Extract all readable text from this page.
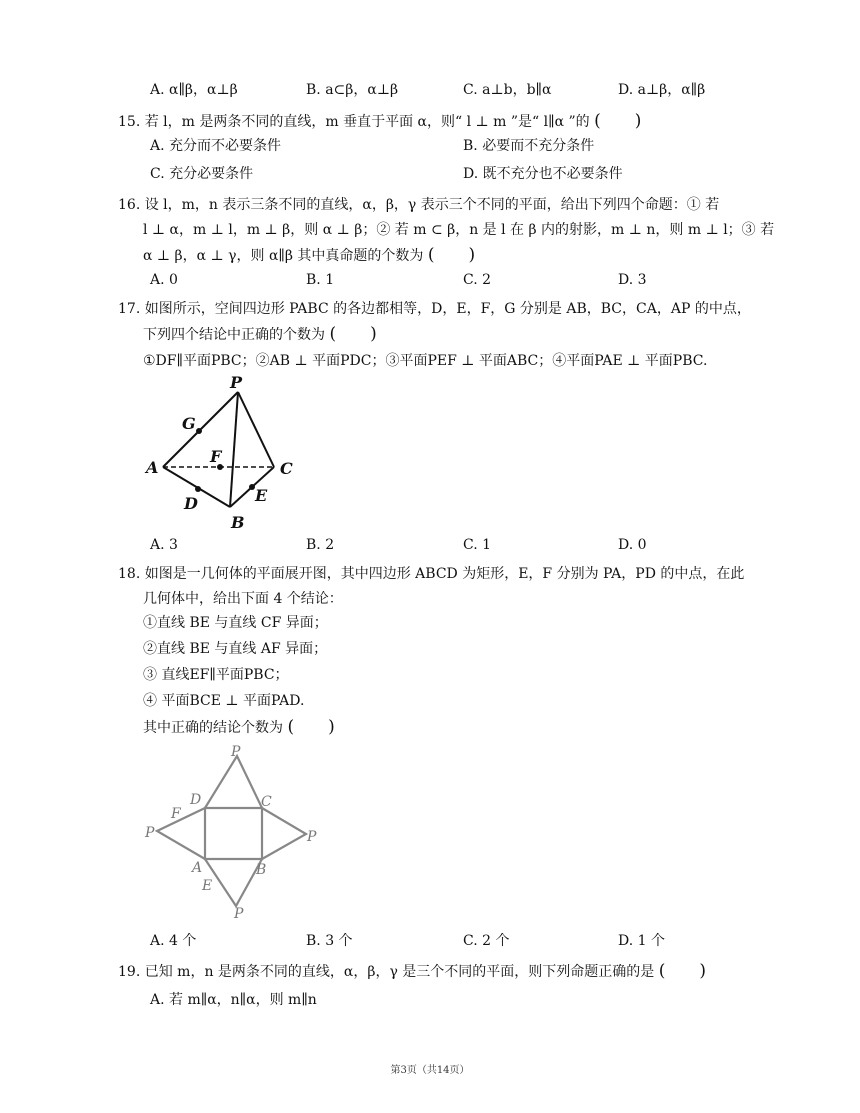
A. α∥β，α⊥β	B. a⊂β，α⊥β	C. a⊥b，b∥α	D. a⊥β，α∥β
15. 若 l，m 是两条不同的直线，m 垂直于平面 α，则“ l ⊥ m ”是“ l∥α ”的 ( )
A. 充分而不必要条件	B. 必要而不充分条件
C. 充分必要条件	D. 既不充分也不必要条件
16. 设 l，m，n 表示三条不同的直线，α，β，γ 表示三个不同的平面，给出下列四个命题：① 若
l ⊥ α，m ⊥ l，m ⊥ β，则 α ⊥ β；② 若 m ⊂ β，n 是 l 在 β 内的射影，m ⊥ n，则 m ⊥ l；③ 若
α ⊥ β，α ⊥ γ，则 α∥β 其中真命题的个数为 ( )
A. 0	B. 1	C. 2	D. 3
17. 如图所示，空间四边形 PABC 的各边都相等，D，E，F，G 分别是 AB，BC，CA，AP 的中点，
下列四个结论中正确的个数为 ( )
①DF∥平面PBC；②AB ⊥ 平面PDC；③平面PEF ⊥ 平面ABC；④平面PAE ⊥ 平面PBC.
P
G
A
F
C
D	E
B
A. 3	B. 2	C. 1	D. 0
18. 如图是一几何体的平面展开图，其中四边形 ABCD 为矩形，E，F 分别为 PA，PD 的中点，在此
几何体中，给出下面 4 个结论：
①直线 BE 与直线 CF 异面；
②直线 BE 与直线 AF 异面；
③ 直线EF∥平面PBC；
④ 平面BCE ⊥ 平面PAD.
其中正确的结论个数为 ( )
P
D	C
F
P	P
A	B
E
P
A. 4 个	B. 3 个	C. 2 个	D. 1 个
19. 已知 m，n 是两条不同的直线，α，β，γ 是三个不同的平面，则下列命题正确的是 ( )
A. 若 m∥α，n∥α，则 m∥n
第3页（共14页）
